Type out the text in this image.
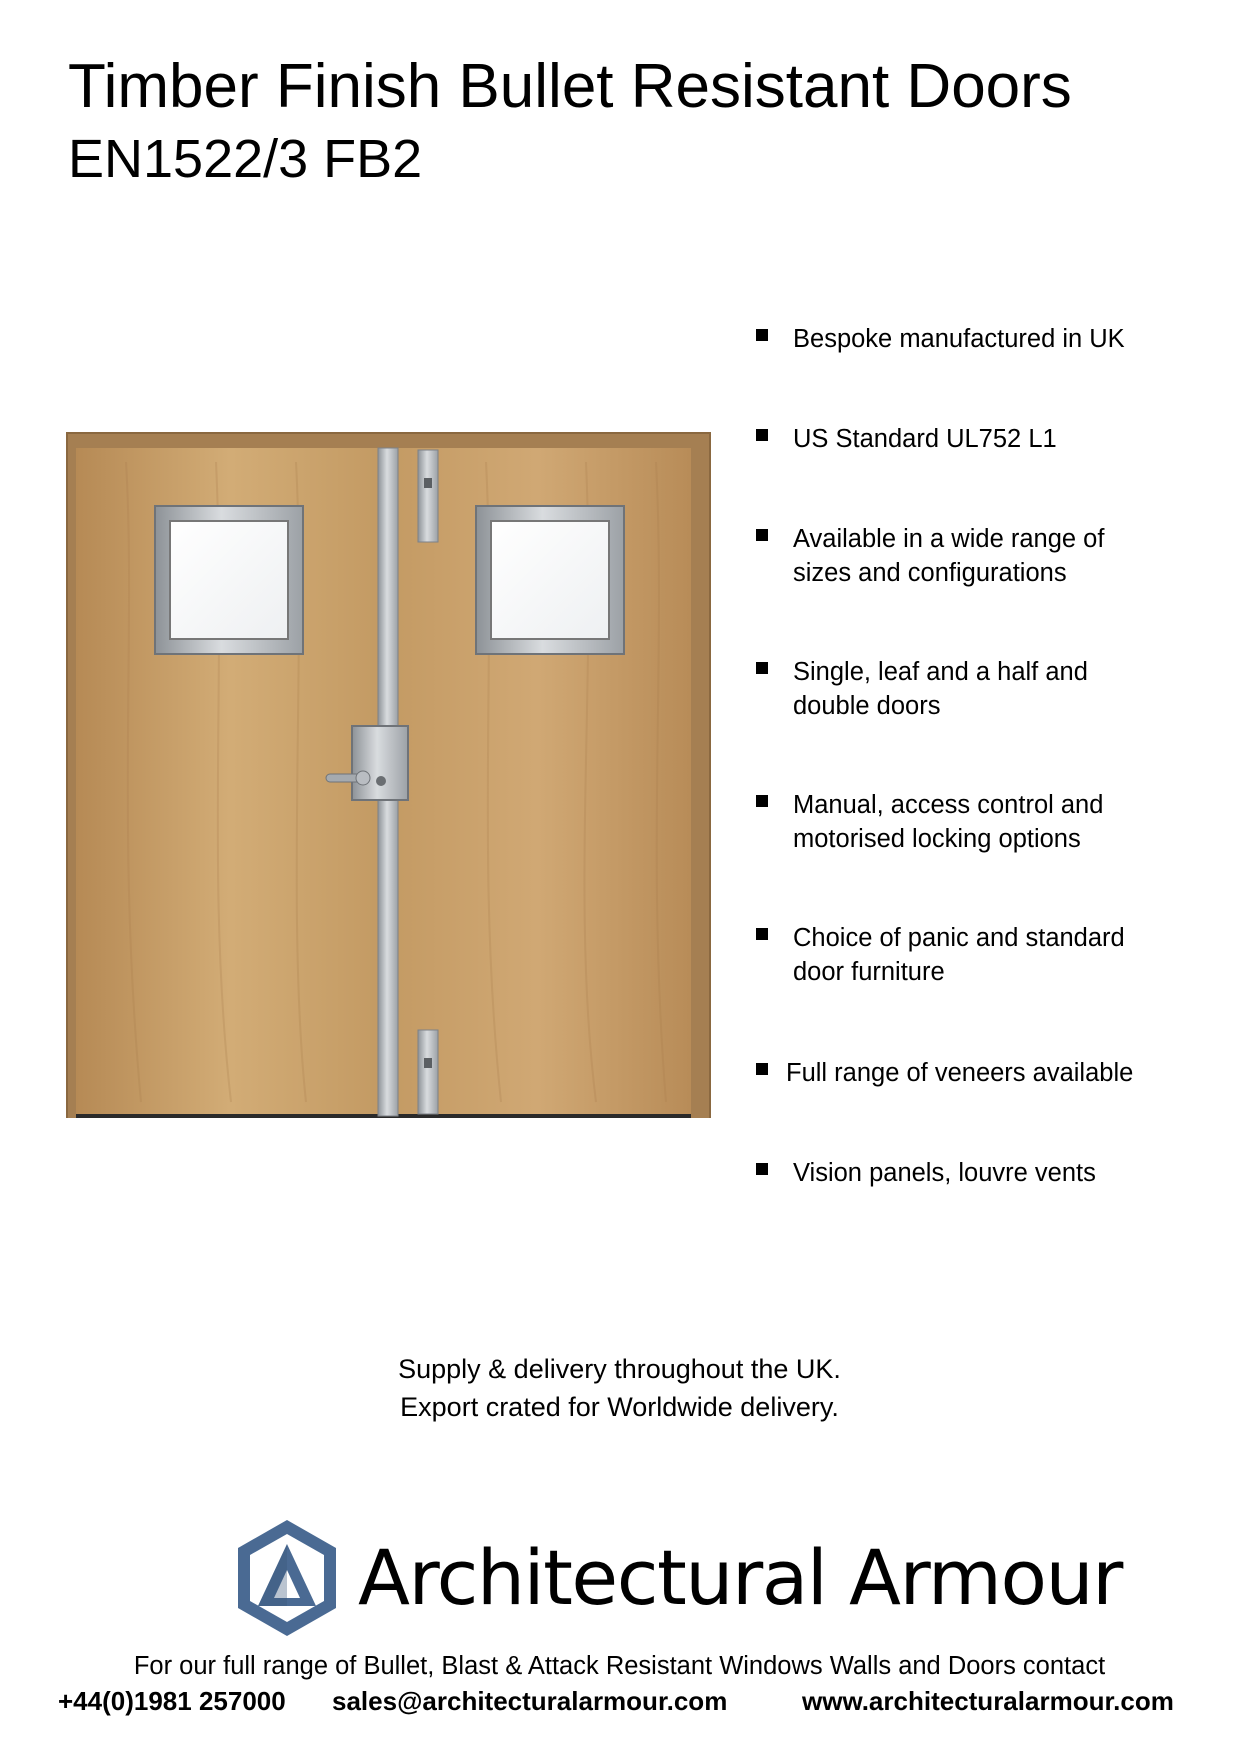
Timber Finish Bullet Resistant Doors
EN1522/3 FB2
Bespoke manufactured in UK
US Standard UL752 L1
Available in a wide range of
sizes and configurations
Single, leaf and a half and
double doors
Manual, access control and
motorised locking options
Choice of panic and standard
door furniture
Full range of veneers available
Vision panels, louvre vents
Supply & delivery throughout the UK.
Export crated for Worldwide delivery.
Architectural Armour
For our full range of Bullet, Blast & Attack Resistant Windows Walls and Doors contact
+44(0)1981 257000 sales@architecturalarmour.com	www.architecturalarmour.com
